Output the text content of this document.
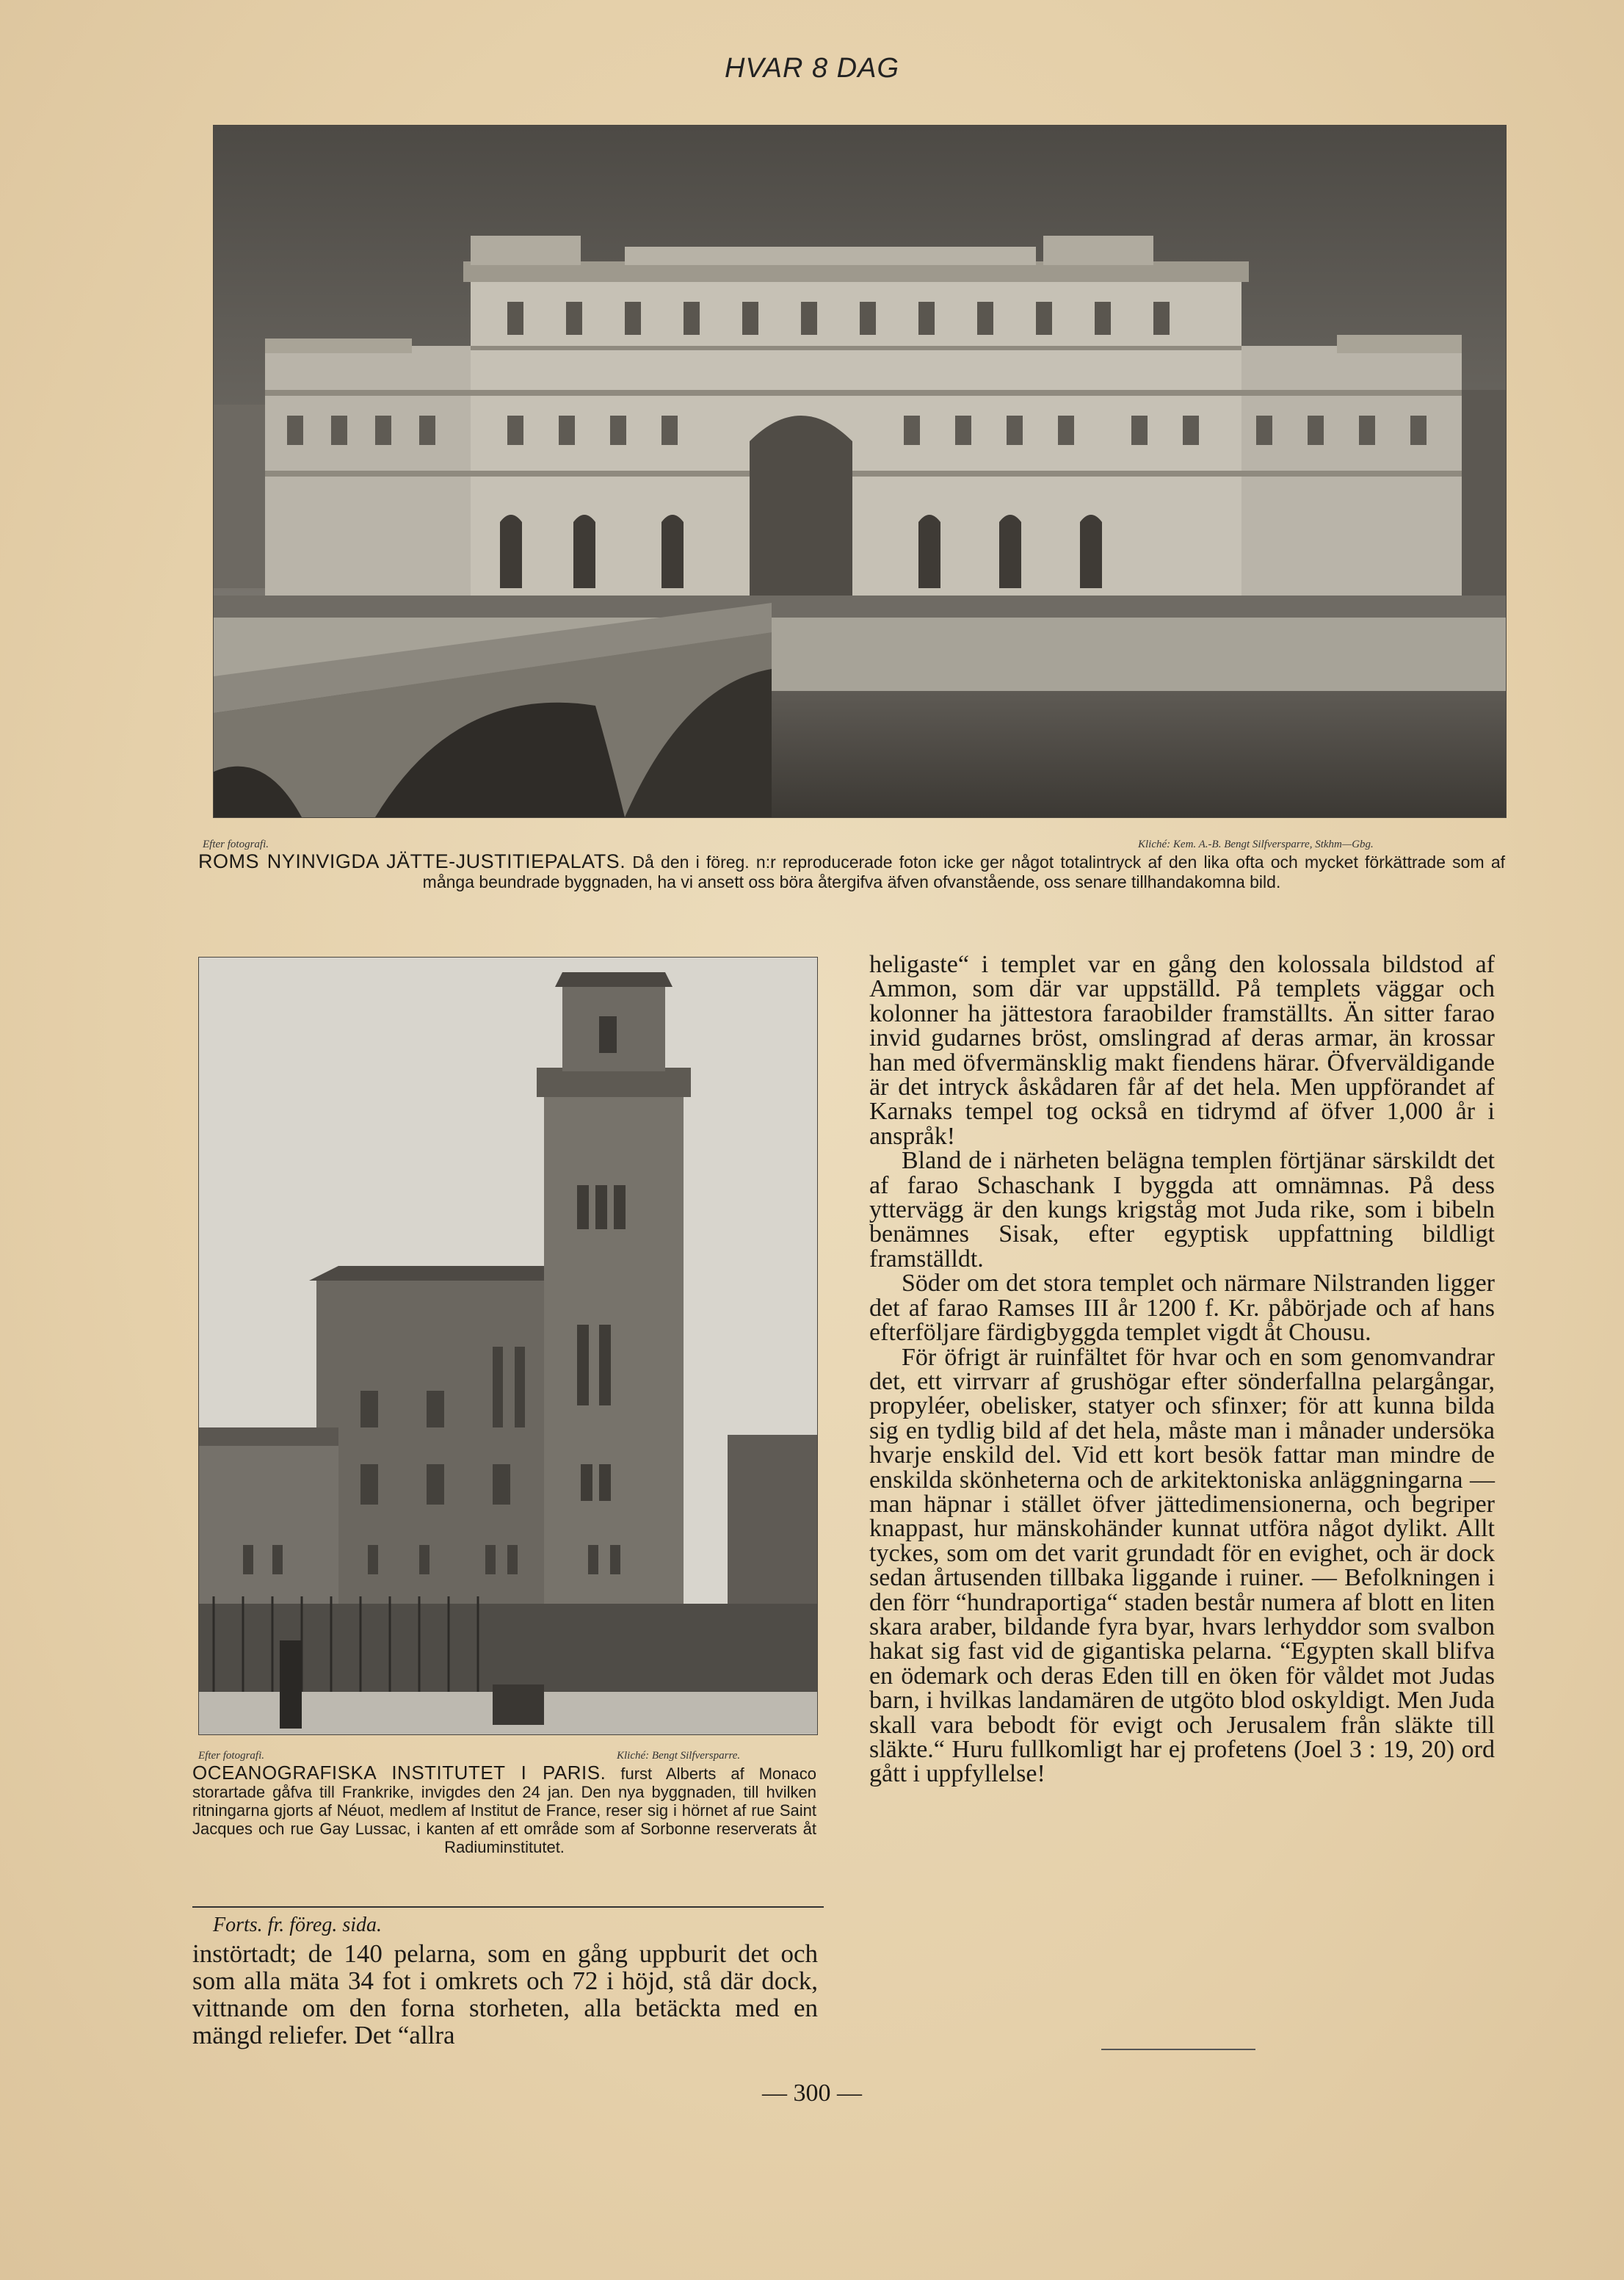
HVAR 8 DAG
Efter fotografi.	Kliché: Kem. A.-B. Bengt Silfversparre, Stkhm—Gbg.
ROMS NYINVIGDA JÄTTE-JUSTITIEPALATS. Då den i föreg. n:r reproducerade foton icke ger något totalintryck af den lika ofta och mycket förkättrade som af många beundrade byggnaden, ha vi ansett oss böra återgifva äfven ofvanstående, oss senare tillhandakomna bild.
Efter fotografi.	Kliché: Bengt Silfversparre.
OCEANOGRAFISKA INSTITUTET I PARIS. furst Alberts af Monaco storartade gåfva till Frankrike, invigdes den 24 jan. Den nya byggnaden, till hvilken ritningarna gjorts af Néuot, medlem af Institut de France, reser sig i hörnet af rue Saint Jacques och rue Gay Lussac, i kanten af ett område som af Sorbonne reserverats åt Radiuminstitutet.
Forts. fr. föreg. sida.

instörtadt; de 140 pelarna, som en gång uppburit det och som alla mäta 34 fot i omkrets och 72 i höjd, stå där dock, vittnande om den forna storheten, alla betäckta med en mängd reliefer. Det “allra

heligaste“ i templet var en gång den kolossala bildstod af Ammon, som där var uppställd. På templets väggar och kolonner ha jättestora faraobilder framställts. Än sitter farao invid gudarnes bröst, omslingrad af deras armar, än krossar han med öfvermänsklig makt fiendens härar. Öfverväldigande är det intryck åskådaren får af det hela. Men uppförandet af Karnaks tempel tog också en tidrymd af öfver 1,000 år i anspråk!

Bland de i närheten belägna templen förtjänar särskildt det af farao Schaschank I byggda att omnämnas. På dess yttervägg är den kungs krigståg mot Juda rike, som i bibeln benämnes Sisak, efter egyptisk uppfattning bildligt framställdt.

Söder om det stora templet och närmare Nilstranden ligger det af farao Ramses III år 1200 f. Kr. påbörjade och af hans efterföljare färdigbyggda templet vigdt åt Chousu.

För öfrigt är ruinfältet för hvar och en som genomvandrar det, ett virrvarr af grushögar efter sönderfallna pelargångar, propyléer, obelisker, statyer och sfinxer; för att kunna bilda sig en tydlig bild af det hela, måste man i månader undersöka hvarje enskild del. Vid ett kort besök fattar man mindre de enskilda skönheterna och de arkitektoniska anläggningarna — man häpnar i stället öfver jättedimensionerna, och begriper knappast, hur mänskohänder kunnat utföra något dylikt. Allt tyckes, som om det varit grundadt för en evighet, och är dock sedan årtusenden tillbaka liggande i ruiner. — Befolkningen i den förr “hundraportiga“ staden består numera af blott en liten skara araber, bildande fyra byar, hvars lerhyddor som svalbon hakat sig fast vid de gigantiska pelarna. “Egypten skall blifva en ödemark och deras Eden till en öken för våldet mot Judas barn, i hvilkas landamären de utgöto blod oskyldigt. Men Juda skall vara bebodt för evigt och Jerusalem från släkte till släkte.“ Huru fullkomligt har ej profetens (Joel 3 : 19, 20) ord gått i uppfyllelse!

— 300 —
